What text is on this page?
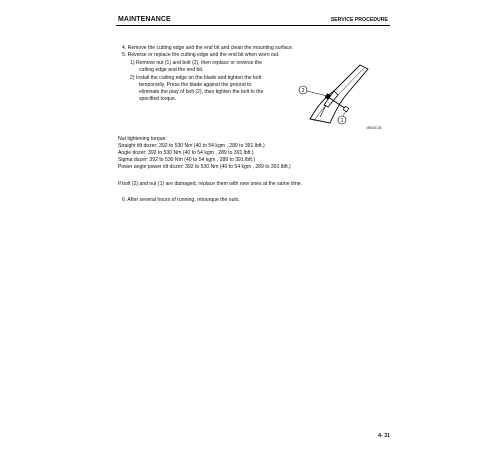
MAINTENANCE	SERVICE PROCEDURE
4. Remove the cutting edge and the end bit and clean the mounting surface.
5. Reverse or replace the cutting edge and the end bit when worn out.
1) Remove nut (1) and bolt (2), then replace or reverse the
cutting edge and the end bit.
2) Install the cutting edge on the blade and tighten the bolt
temporarily. Press the blade against the ground to
eliminate the play of bolt (2), then tighten the bolt to the
specified torque.
2
1
4BNS5135
Nut tightening torque:
Straight tilt dozer: 392 to 530 Nm (40 to 54 kgm , 289 to 391 lbft.)
Angle dozer: 392 to 530 Nm (40 to 54 kgm , 289 to 391 lbft.)
Sigma dozer: 392 to 530 Nm (40 to 54 kgm , 289 to 391 lbft.)
Power angle power tilt dozer: 392 to 530 Nm (40 to 54 kgm , 289 to 391 lbft.)
If bolt (2) and nut (1) are damaged, replace them with new ones at the same time.
6. After several hours of running, retourque the nuts.
4- 31
